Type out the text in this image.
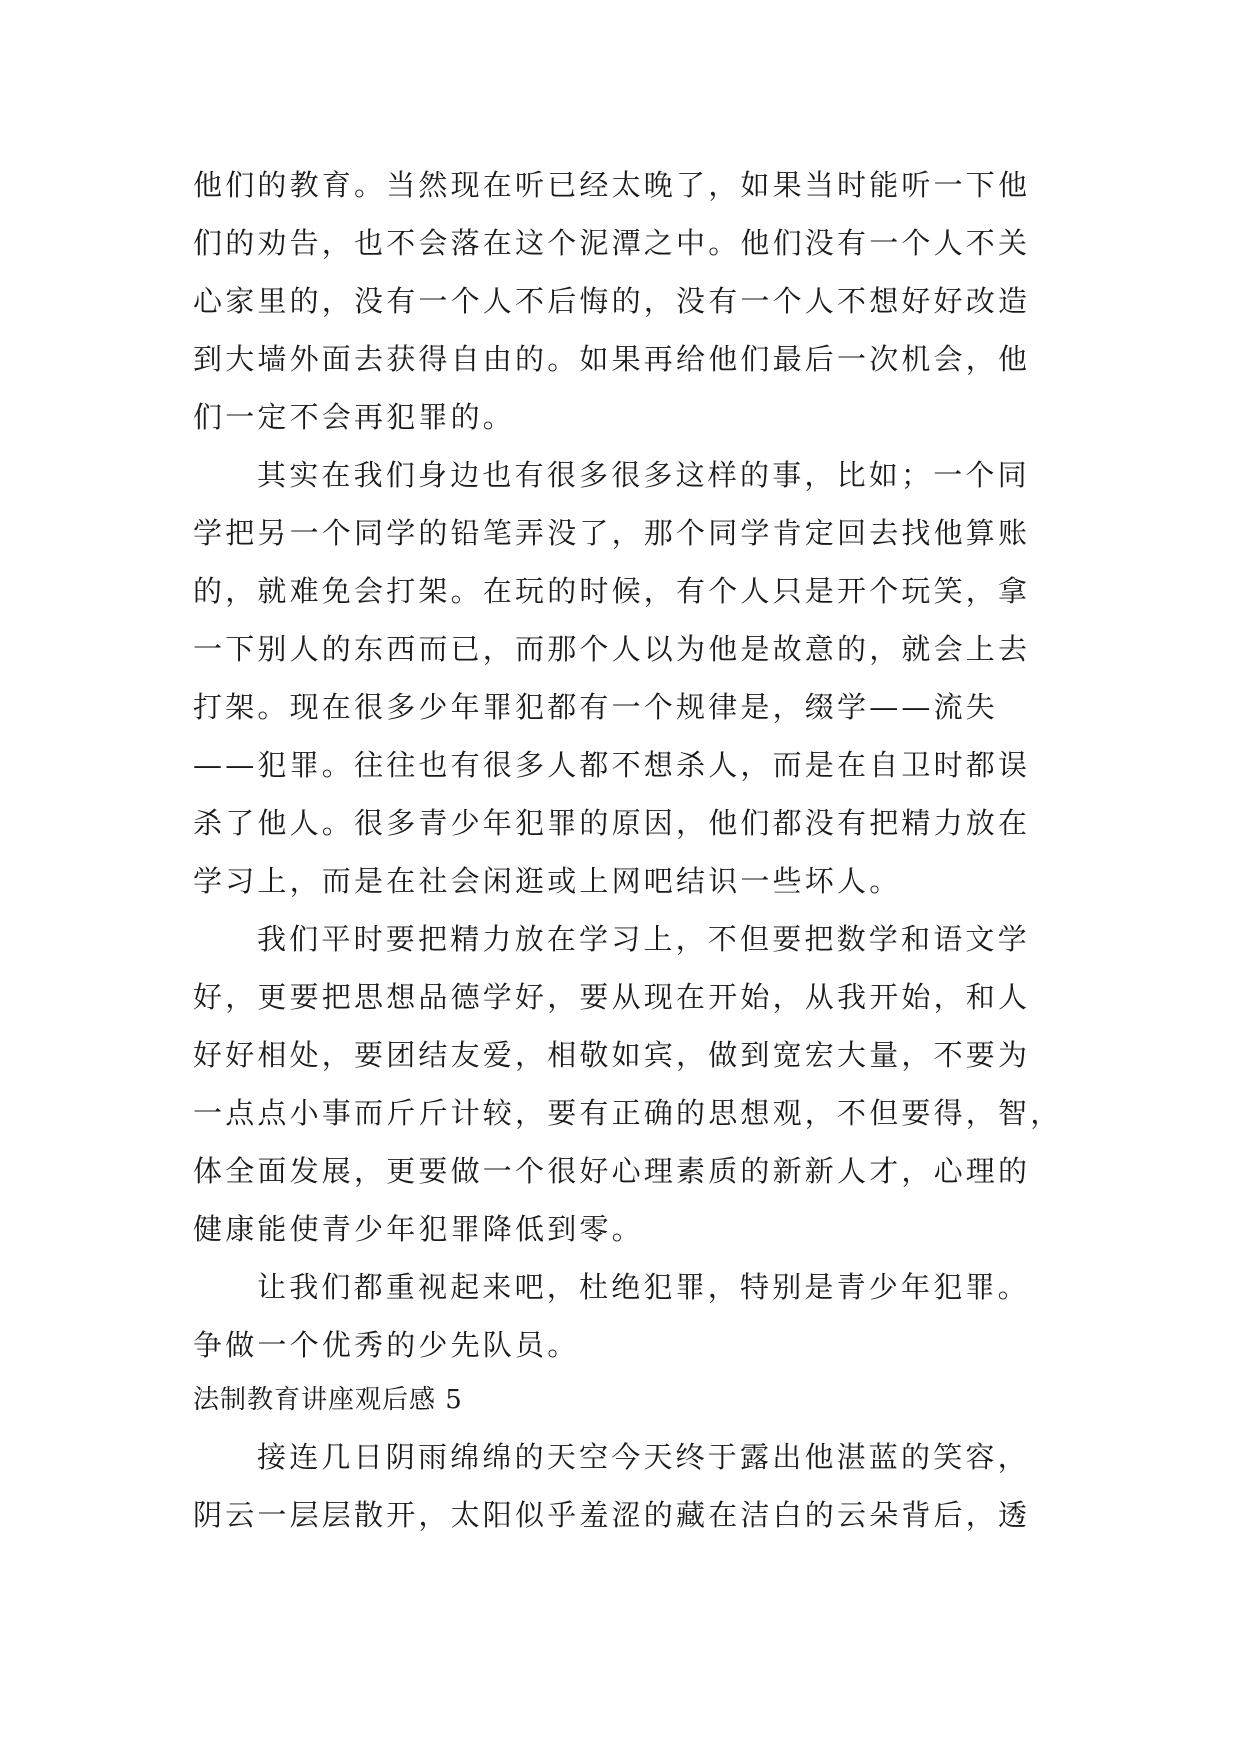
他们的教育。当然现在听已经太晚了，如果当时能听一下他
们的劝告，也不会落在这个泥潭之中。他们没有一个人不关
心家里的，没有一个人不后悔的，没有一个人不想好好改造
到大墙外面去获得自由的。如果再给他们最后一次机会，他
们一定不会再犯罪的。
其实在我们身边也有很多很多这样的事，比如；一个同
学把另一个同学的铅笔弄没了，那个同学肯定回去找他算账
的，就难免会打架。在玩的时候，有个人只是开个玩笑，拿
一下别人的东西而已，而那个人以为他是故意的，就会上去
打架。现在很多少年罪犯都有一个规律是，缀学——流失
——犯罪。往往也有很多人都不想杀人，而是在自卫时都误
杀了他人。很多青少年犯罪的原因，他们都没有把精力放在
学习上，而是在社会闲逛或上网吧结识一些坏人。
我们平时要把精力放在学习上，不但要把数学和语文学
好，更要把思想品德学好，要从现在开始，从我开始，和人
好好相处，要团结友爱，相敬如宾，做到宽宏大量，不要为
一点点小事而斤斤计较，要有正确的思想观，不但要得，智，
体全面发展，更要做一个很好心理素质的新新人才，心理的
健康能使青少年犯罪降低到零。
让我们都重视起来吧，杜绝犯罪，特别是青少年犯罪。
争做一个优秀的少先队员。
法制教育讲座观后感 5
接连几日阴雨绵绵的天空今天终于露出他湛蓝的笑容，
阴云一层层散开，太阳似乎羞涩的藏在洁白的云朵背后，透
